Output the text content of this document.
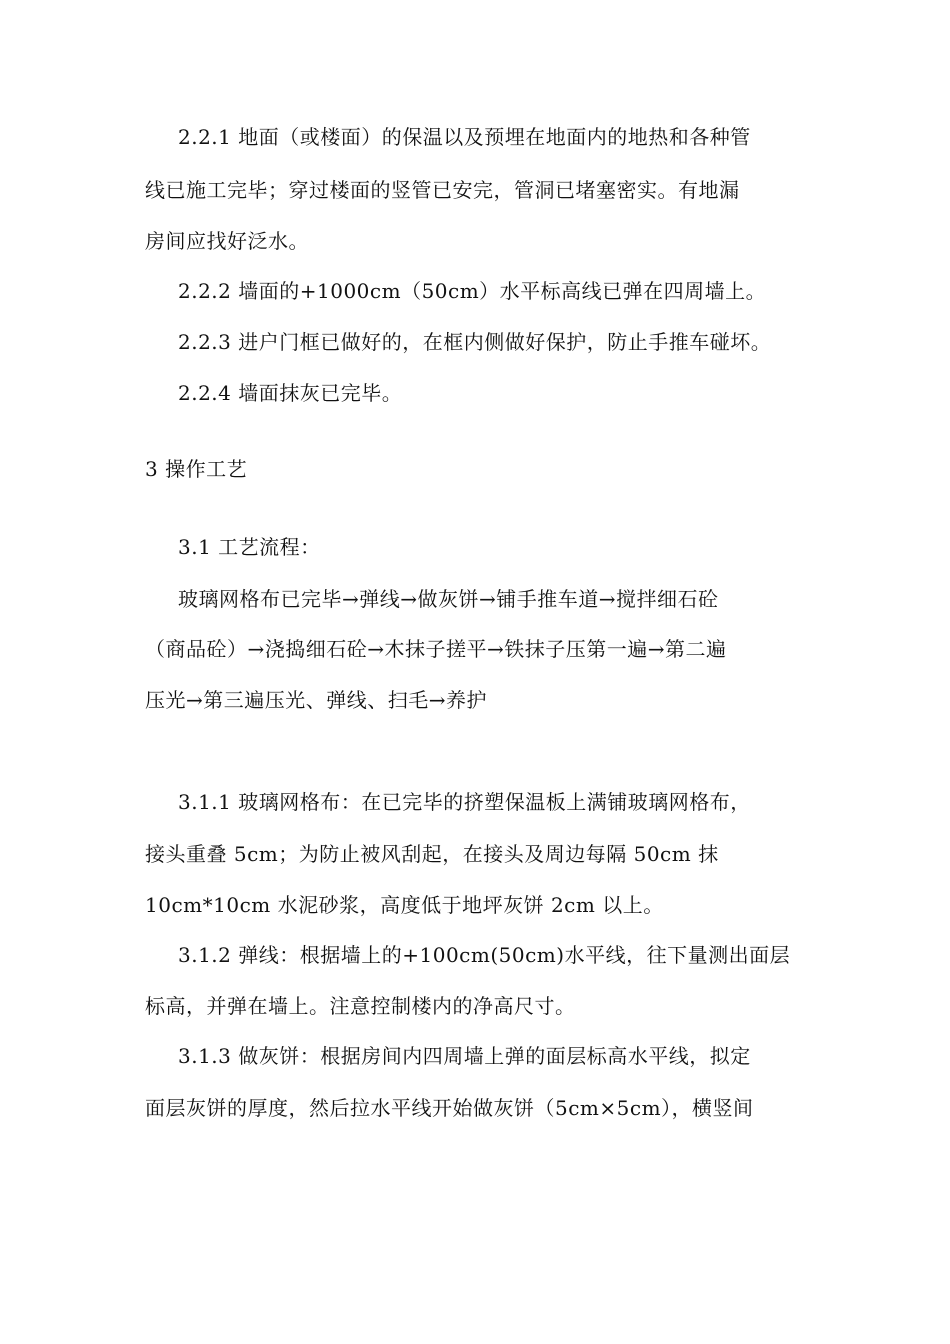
2.2.1 地面（或楼面）的保温以及预埋在地面内的地热和各种管
线已施工完毕；穿过楼面的竖管已安完，管洞已堵塞密实。有地漏
房间应找好泛水。
2.2.2 墙面的+1000cm（50cm）水平标高线已弹在四周墙上。
2.2.3 进户门框已做好的，在框内侧做好保护，防止手推车碰坏。
2.2.4 墙面抹灰已完毕。
3 操作工艺
3.1 工艺流程：
玻璃网格布已完毕→弹线→做灰饼→铺手推车道→搅拌细石砼
（商品砼）→浇捣细石砼→木抹子搓平→铁抹子压第一遍→第二遍
压光→第三遍压光、弹线、扫毛→养护
3.1.1 玻璃网格布：在已完毕的挤塑保温板上满铺玻璃网格布，
接头重叠 5cm；为防止被风刮起，在接头及周边每隔 50cm 抹
10cm*10cm 水泥砂浆，高度低于地坪灰饼 2cm 以上。
3.1.2 弹线：根据墙上的+100cm(50cm)水平线，往下量测出面层
标高，并弹在墙上。注意控制楼内的净高尺寸。
3.1.3 做灰饼：根据房间内四周墙上弹的面层标高水平线，拟定
面层灰饼的厚度，然后拉水平线开始做灰饼（5cm×5cm），横竖间
